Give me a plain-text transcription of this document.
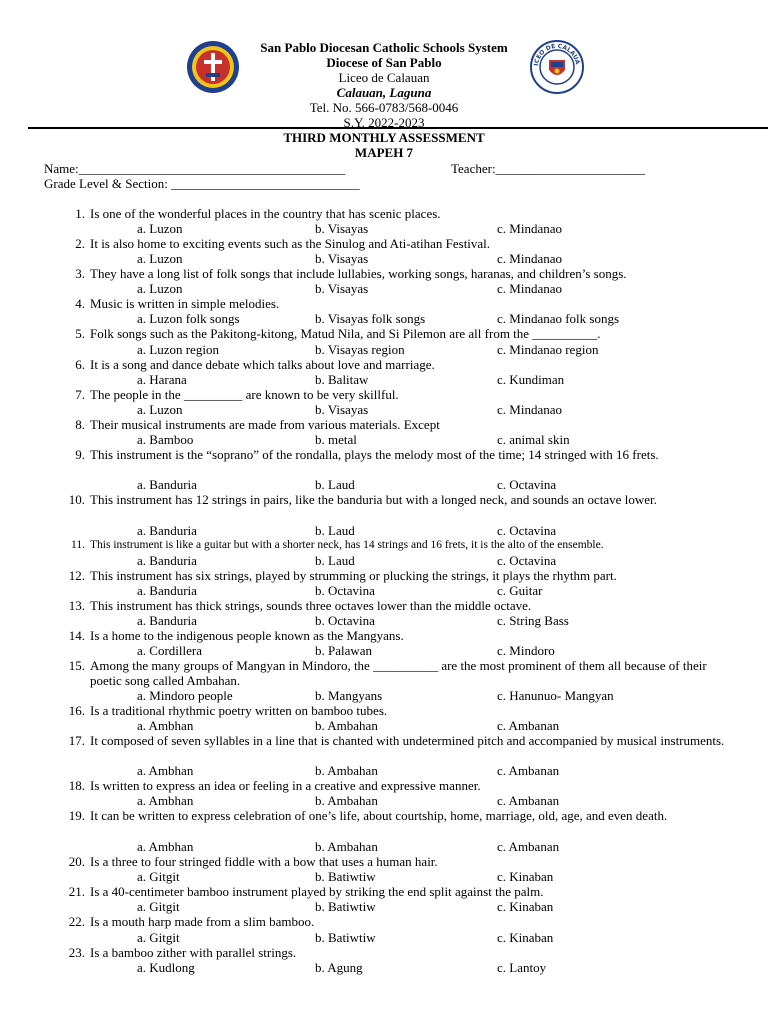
ICEO DE CALAUA
San Pablo Diocesan Catholic Schools System
Diocese of San Pablo
Liceo de Calauan
Calauan, Laguna
Tel. No. 566-0783/568-0046
S.Y. 2022-2023
THIRD MONTHLY ASSESSMENT
MAPEH 7
Name:_________________________________________	Teacher:_______________________
Grade Level & Section: _____________________________
1. Is one of the wonderful places in the country that has scenic places.
a. Luzon	b. Visayas	c. Mindanao
2. It is also home to exciting events such as the Sinulog and Ati-atihan Festival.
a. Luzon	b. Visayas	c. Mindanao
3. They have a long list of folk songs that include lullabies, working songs, haranas, and children’s songs.
a. Luzon	b. Visayas	c. Mindanao
4. Music is written in simple melodies.
a. Luzon folk songs	b. Visayas folk songs	c. Mindanao folk songs
5. Folk songs such as the Pakitong-kitong, Matud Nila, and Si Pilemon are all from the __________.
a. Luzon region	b. Visayas region	c. Mindanao region
6. It is a song and dance debate which talks about love and marriage.
a. Harana	b. Balitaw	c. Kundiman
7. The people in the _________ are known to be very skillful.
a. Luzon	b. Visayas	c. Mindanao
8. Their musical instruments are made from various materials. Except
a. Bamboo	b. metal	c. animal skin
9. This instrument is the “soprano” of the rondalla, plays the melody most of the time; 14 stringed with 16 frets.
a. Banduria	b. Laud	c. Octavina
10. This instrument has 12 strings in pairs, like the banduria but with a longed neck, and sounds an octave lower.
a. Banduria	b. Laud	c. Octavina
11. This instrument is like a guitar but with a shorter neck, has 14 strings and 16 frets, it is the alto of the ensemble.
a. Banduria	b. Laud	c. Octavina
12. This instrument has six strings, played by strumming or plucking the strings, it plays the rhythm part.
a. Banduria	b. Octavina	c. Guitar
13. This instrument has thick strings, sounds three octaves lower than the middle octave.
a. Banduria	b. Octavina	c. String Bass
14. Is a home to the indigenous people known as the Mangyans.
a. Cordillera	b. Palawan	c. Mindoro
15. Among the many groups of Mangyan in Mindoro, the __________ are the most prominent of them all because of their poetic song called Ambahan.
a. Mindoro people	b. Mangyans	c. Hanunuo- Mangyan
16. Is a traditional rhythmic poetry written on bamboo tubes.
a. Ambhan	b. Ambahan	c. Ambanan
17. It composed of seven syllables in a line that is chanted with undetermined pitch and accompanied by musical instruments.
a. Ambhan	b. Ambahan	c. Ambanan
18. Is written to express an idea or feeling in a creative and expressive manner.
a. Ambhan	b. Ambahan	c. Ambanan
19. It can be written to express celebration of one’s life, about courtship, home, marriage, old, age, and even death.
a. Ambhan	b. Ambahan	c. Ambanan
20. Is a three to four stringed fiddle with a bow that uses a human hair.
a. Gitgit	b. Batiwtiw	c. Kinaban
21. Is a 40-centimeter bamboo instrument played by striking the end split against the palm.
a. Gitgit	b. Batiwtiw	c. Kinaban
22. Is a mouth harp made from a slim bamboo.
a. Gitgit	b. Batiwtiw	c. Kinaban
23. Is a bamboo zither with parallel strings.
a. Kudlong	b. Agung	c. Lantoy
